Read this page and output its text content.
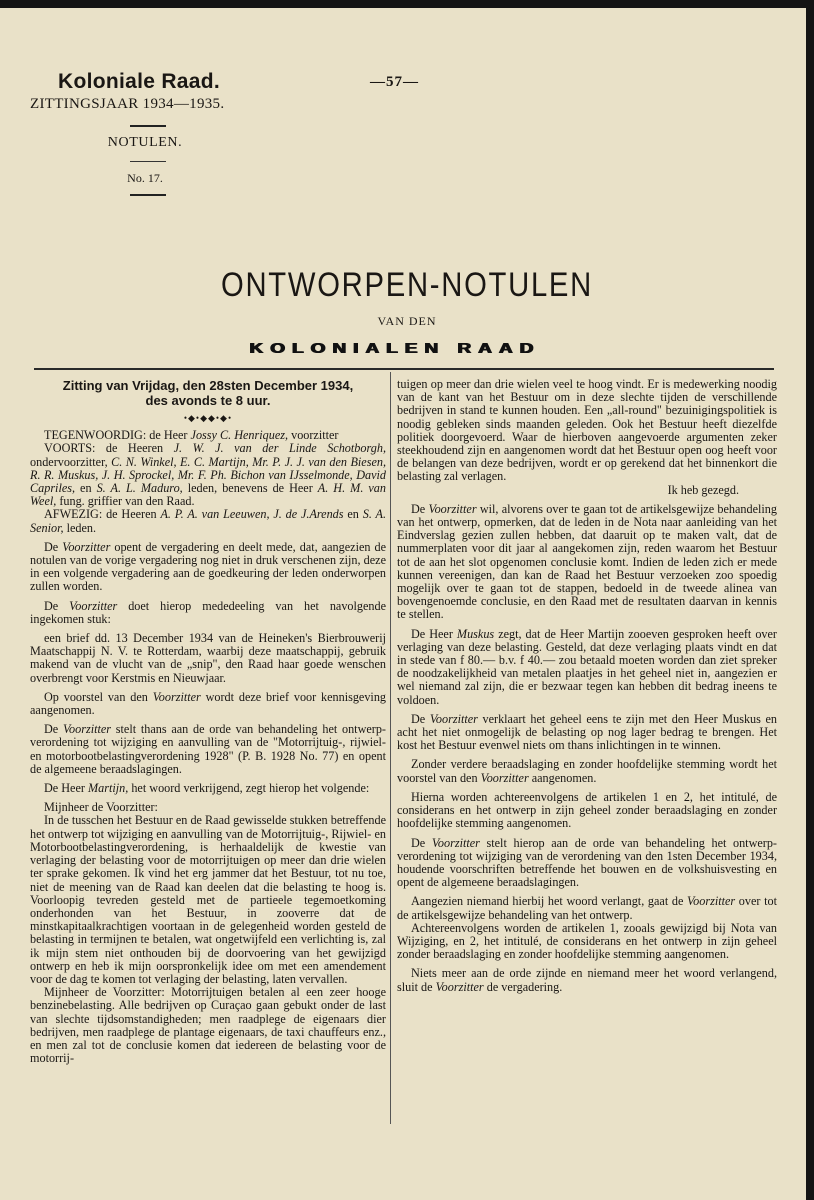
Koloniale Raad.
ZITTINGSJAAR 1934—1935.
NOTULEN.
No. 17.
—57—
ONTWORPEN-NOTULEN
VAN DEN
KOLONIALEN RAAD
Zitting van Vrijdag, den 28sten December 1934,
des avonds te 8 uur.
•◆•◆◆•◆•

TEGENWOORDIG: de Heer Jossy C. Henriquez, voorzitter

VOORTS: de Heeren J. W. J. van der Linde Schotborgh, ondervoorzitter, C. N. Winkel, E. C. Martijn, Mr. P. J. J. van den Biesen, R. R. Muskus, J. H. Sprockel, Mr. F. Ph. Bichon van IJsselmonde, David Capriles, en S. A. L. Maduro, leden, benevens de Heer A. H. M. van Weel, fung. griffier van den Raad.

AFWEZIG: de Heeren A. P. A. van Leeuwen, J. de J.Arends en S. A. Senior, leden.

De Voorzitter opent de vergadering en deelt mede, dat, aangezien de notulen van de vorige vergadering nog niet in druk verschenen zijn, deze in een volgende vergadering aan de goedkeuring der leden onderworpen zullen worden.

De Voorzitter doet hierop mededeeling van het navolgende ingekomen stuk:

een brief dd. 13 December 1934 van de Heineken's Bierbrouwerij Maatschappij N. V. te Rotterdam, waarbij deze maatschappij, gebruik makend van de vlucht van de „snip", den Raad haar goede wenschen overbrengt voor Kerstmis en Nieuwjaar.

Op voorstel van den Voorzitter wordt deze brief voor kennisgeving aangenomen.

De Voorzitter stelt thans aan de orde van behandeling het ontwerp-verordening tot wijziging en aanvulling van de "Motorrijtuig-, rijwiel- en motorbootbelastingverordening 1928" (P. B. 1928 No. 77) en opent de algemeene beraadslagingen.

De Heer Martijn, het woord verkrijgend, zegt hierop het volgende:

Mijnheer de Voorzitter:

In de tusschen het Bestuur en de Raad gewisselde stukken betreffende het ontwerp tot wijziging en aanvulling van de Motorrijtuig-, Rijwiel- en Motorbootbelastingverordening, is herhaaldelijk de kwestie van verlaging der belasting voor de motorrijtuigen op meer dan drie wielen ter sprake gekomen. Ik vind het erg jammer dat het Bestuur, tot nu toe, niet de meening van de Raad kan deelen dat die belasting te hoog is. Voorloopig tevreden gesteld met de partieele tegemoetkoming onderhonden van het Bestuur, in zooverre dat de minstkapitaalkrachtigen voortaan in de gelegenheid worden gesteld de belasting in termijnen te betalen, wat ongetwijfeld een verlichting is, zal ik mijn stem niet onthouden bij de doorvoering van het gewijzigd ontwerp en heb ik mijn oorspronkelijk idee om met een amendement voor de dag te komen tot verlaging der belasting, laten vervallen.

Mijnheer de Voorzitter: Motorrijtuigen betalen al een zeer hooge benzinebelasting. Alle bedrijven op Curaçao gaan gebukt onder de last van slechte tijdsomstandigheden; men raadplege de eigenaars dier bedrijven, men raadplege de plantage eigenaars, de taxi chauffeurs enz., en men zal tot de conclusie komen dat iedereen de belasting voor de motorrij-

tuigen op meer dan drie wielen veel te hoog vindt. Er is medewerking noodig van de kant van het Bestuur om in deze slechte tijden de verschillende bedrijven in stand te kunnen houden. Een „all-round" bezuinigingspolitiek is noodig gebleken sinds maanden geleden. Ook het Bestuur heeft diezelfde politiek doorgevoerd. Waar de hierboven aangevoerde argumenten zeker steekhoudend zijn en aangenomen wordt dat het Bestuur open oog heeft voor de belangen van deze bedrijven, wordt er op gerekend dat het binnenkort die belasting zal verlagen.

Ik heb gezegd.

De Voorzitter wil, alvorens over te gaan tot de artikelsgewijze behandeling van het ontwerp, opmerken, dat de leden in de Nota naar aanleiding van het Eindverslag gezien zullen hebben, dat daaruit op te maken valt, dat de nummerplaten voor dit jaar al aangekomen zijn, reden waarom het Bestuur tot de aan het slot opgenomen conclusie komt. Indien de leden zich er mede kunnen vereenigen, dan kan de Raad het Bestuur verzoeken zoo spoedig mogelijk over te gaan tot de stappen, bedoeld in de tweede alinea van bovengenoemde conclusie, en den Raad met de resultaten daarvan in kennis te stellen.

De Heer Muskus zegt, dat de Heer Martijn zooeven gesproken heeft over verlaging van deze belasting. Gesteld, dat deze verlaging plaats vindt en dat in stede van f 80.— b.v. f 40.— zou betaald moeten worden dan ziet spreker de noodzakelijkheid van metalen plaatjes in het geheel niet in, aangezien er wel niemand zal zijn, die er bezwaar tegen kan hebben dit bedrag ineens te voldoen.

De Voorzitter verklaart het geheel eens te zijn met den Heer Muskus en acht het niet onmogelijk de belasting op nog lager bedrag te brengen. Het kost het Bestuur evenwel niets om thans inlichtingen in te winnen.

Zonder verdere beraadslaging en zonder hoofdelijke stemming wordt het voorstel van den Voorzitter aangenomen.

Hierna worden achtereenvolgens de artikelen 1 en 2, het intitulé, de considerans en het ontwerp in zijn geheel zonder beraadslaging en zonder hoofdelijke stemming aangenomen.

De Voorzitter stelt hierop aan de orde van behandeling het ontwerp-verordening tot wijziging van de verordening van den 1sten December 1934, houdende voorschriften betreffende het bouwen en de volkshuisvesting en opent de algemeene beraadslagingen.

Aangezien niemand hierbij het woord verlangt, gaat de Voorzitter over tot de artikelsgewijze behandeling van het ontwerp.

Achtereenvolgens worden de artikelen 1, zooals gewijzigd bij Nota van Wijziging, en 2, het intitulé, de considerans en het ontwerp in zijn geheel zonder beraadslaging en zonder hoofdelijke stemming aangenomen.

Niets meer aan de orde zijnde en niemand meer het woord verlangend, sluit de Voorzitter de vergadering.
